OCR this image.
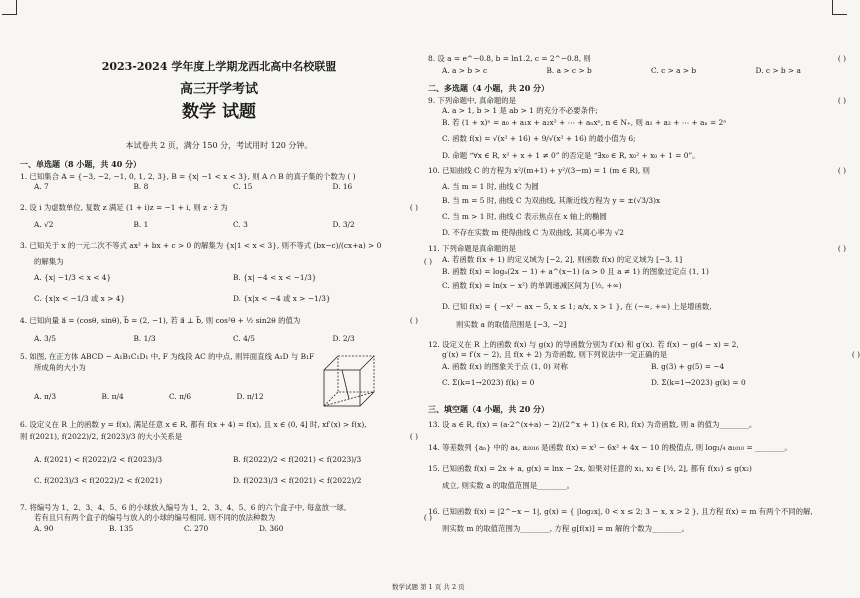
2023-2024 学年度上学期龙西北高中名校联盟
高三开学考试
数学 试题
本试卷共 2 页，满分 150 分，考试用时 120 分钟。
一、单选题（8 小题，共 40 分）
1. 已知集合 A = {−3, −2, −1, 0, 1, 2, 3}, B = {x| −1 < x < 3}, 则 A ∩ B 的真子集的个数为 ( )
A. 7	B. 8	C. 15	D. 16
2. 设 i 为虚数单位, 复数 z 满足 (1 + i)z = −1 + i, 则 z · z̄ 为	( )
A. √2	B. 1	C. 3	D. 3/2
3. 已知关于 x 的一元二次不等式 ax² + bx + c > 0 的解集为 {x|1 < x < 3}, 则不等式 (bx−c)/(cx+a) > 0
的解集为	( )
A. {x| −1/3 < x < 4}	B. {x| −4 < x < −1/3}
C. {x|x < −1/3 或 x > 4}	D. {x|x < −4 或 x > −1/3}
4. 已知向量 a⃗ = (cosθ, sinθ), b⃗ = (2, −1), 若 a⃗ ⊥ b⃗, 则 cos²θ + ½ sin2θ 的值为	( )
A. 3/5	B. 1/3	C. 4/5	D. 2/3
5. 如图, 在正方体 ABCD − A₁B₁C₁D₁ 中, F 为线段 AC 的中点, 则异面直线 A₁D 与 B₁F
所成角的大小为
A. π/3	B. π/4	C. π/6	D. π/12
6. 设定义在 R 上的函数 y = f(x), 满足任意 x ∈ R, 都有 f(x + 4) = f(x), 且 x ∈ (0, 4] 时, xf′(x) > f(x),
则 f(2021), f(2022)/2, f(2023)/3 的大小关系是	( )
A. f(2021) < f(2022)/2 < f(2023)/3	B. f(2022)/2 < f(2021) < f(2023)/3
C. f(2023)/3 < f(2022)/2 < f(2021)	D. f(2023)/3 < f(2021) < f(2022)/2
7. 将编号为 1、2、3、4、5、6 的小球放入编号为 1、2、3、4、5、6 的六个盒子中, 每盒放一球,
若有且只有两个盒子的编号与放入的小球的编号相同, 则不同的放法种数为	( )
A. 90	B. 135	C. 270	D. 360
8. 设 a = e^−0.8, b = ln1.2, c = 2^−0.8, 则	( )
A. a > b > c	B. a > c > b	C. c > a > b	D. c > b > a
二、多选题（4 小题，共 20 分）
9. 下列命题中, 真命题的是	( )
A. a > 1, b > 1 是 ab > 1 的充分不必要条件;
B. 若 (1 + x)ⁿ = a₀ + a₁x + a₂x² + ⋯ + aₙxⁿ, n ∈ N₊, 则 a₁ + a₂ + ⋯ + aₙ = 2ⁿ
C. 函数 f(x) = √(x² + 16) + 9/√(x² + 16) 的最小值为 6;
D. 命题 “∀x ∈ R, x² + x + 1 ≠ 0” 的否定是 “∃x₀ ∈ R, x₀² + x₀ + 1 = 0”。
10. 已知曲线 C 的方程为 x²/(m+1) + y²/(3−m) = 1 (m ∈ R), 则	( )
A. 当 m = 1 时, 曲线 C 为圆
B. 当 m = 5 时, 曲线 C 为双曲线, 其渐近线方程为 y = ±(√3/3)x
C. 当 m > 1 时, 曲线 C 表示焦点在 x 轴上的椭圆
D. 不存在实数 m 使得曲线 C 为双曲线, 其离心率为 √2
11. 下列命题是真命题的是	( )
A. 若函数 f(x + 1) 的定义域为 [−2, 2], 则函数 f(x) 的定义域为 [−3, 1]
B. 函数 f(x) = logₐ(2x − 1) + a^(x−1) (a > 0 且 a ≠ 1) 的图象过定点 (1, 1)
C. 函数 f(x) = ln(x − x²) 的单调递减区间为 [½, +∞)
D. 已知 f(x) = { −x² − ax − 5, x ≤ 1; a/x, x > 1 }, 在 (−∞, +∞) 上是增函数,
则实数 a 的取值范围是 [−3, −2]
12. 设定义在 R 上的函数 f(x) 与 g(x) 的导函数分别为 f′(x) 和 g′(x). 若 f(x) − g(4 − x) = 2,
g′(x) = f′(x − 2), 且 f(x + 2) 为奇函数, 则下列说法中一定正确的是	( )
A. 函数 f(x) 的图象关于点 (1, 0) 对称	B. g(3) + g(5) = −4
C. Σ(k=1→2023) f(k) = 0	D. Σ(k=1→2023) g(k) = 0
三、填空题（4 小题，共 20 分）
13. 设 a ∈ R, f(x) = (a·2^(x+a) − 2)/(2^x + 1) (x ∈ R), f(x) 为奇函数, 则 a 的值为________。
14. 等差数列 {aₙ} 中的 a₄, a₂₀₁₆ 是函数 f(x) = x³ − 6x² + 4x − 10 的极值点, 则 log₁/₄ a₁₀₁₀ = ________。
15. 已知函数 f(x) = 2x + a, g(x) = lnx − 2x, 如果对任意的 x₁, x₂ ∈ [½, 2], 都有 f(x₁) ≤ g(x₂)
成立, 则实数 a 的取值范围是________。
16. 已知函数 f(x) = |2^−x − 1|, g(x) = { |log₂x|, 0 < x ≤ 2; 3 − x, x > 2 }, 且方程 f(x) = m 有两个不同的解,
则实数 m 的取值范围为________, 方程 g[f(x)] = m 解的个数为________。
数学试题 第 1 页 共 2 页
